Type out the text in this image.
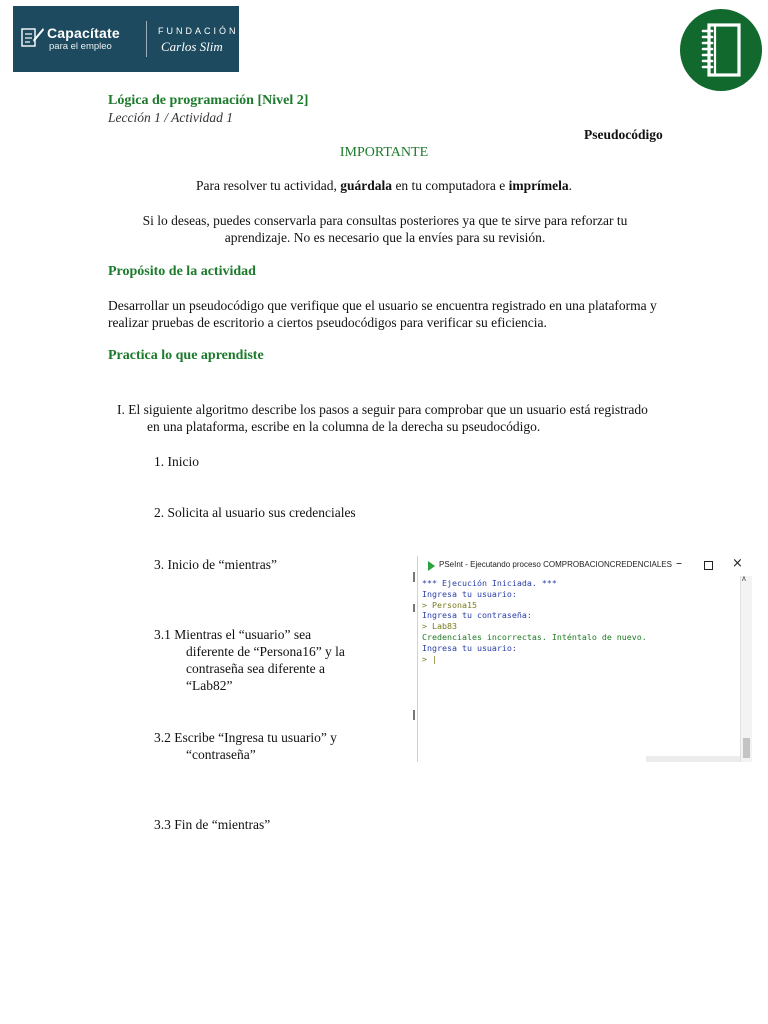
Capacítate
para el empleo
FUNDACIÓN
Carlos Slim
Lógica de programación [Nivel 2]
Lección 1 / Actividad 1
Pseudocódigo
IMPORTANTE
Para resolver tu actividad, guárdala en tu computadora e imprímela.
Si lo deseas, puedes conservarla para consultas posteriores ya que te sirve para reforzar tu aprendizaje. No es necesario que la envíes para su revisión.
Propósito de la actividad
Desarrollar un pseudocódigo que verifique que el usuario se encuentra registrado en una plataforma y realizar pruebas de escritorio a ciertos pseudocódigos para verificar su eficiencia.
Practica lo que aprendiste
I. El siguiente algoritmo describe los pasos a seguir para comprobar que un usuario está registrado
en una plataforma, escribe en la columna de la derecha su pseudocódigo.
1. Inicio
2. Solicita al usuario sus credenciales
3. Inicio de “mientras”
3.1 Mientras el “usuario” sea
diferente de “Persona16” y la
contraseña sea diferente a
“Lab82”
3.2 Escribe “Ingresa tu usuario” y
“contraseña”
3.3 Fin de “mientras”
PSeInt - Ejecutando proceso COMPROBACIONCREDENCIALES –	×
*** Ejecución Iniciada. ***
Ingresa tu usuario:
> Persona15
Ingresa tu contraseña:
> Lab83
Credenciales incorrectas. Inténtalo de nuevo.
Ingresa tu usuario:
> |
∧
